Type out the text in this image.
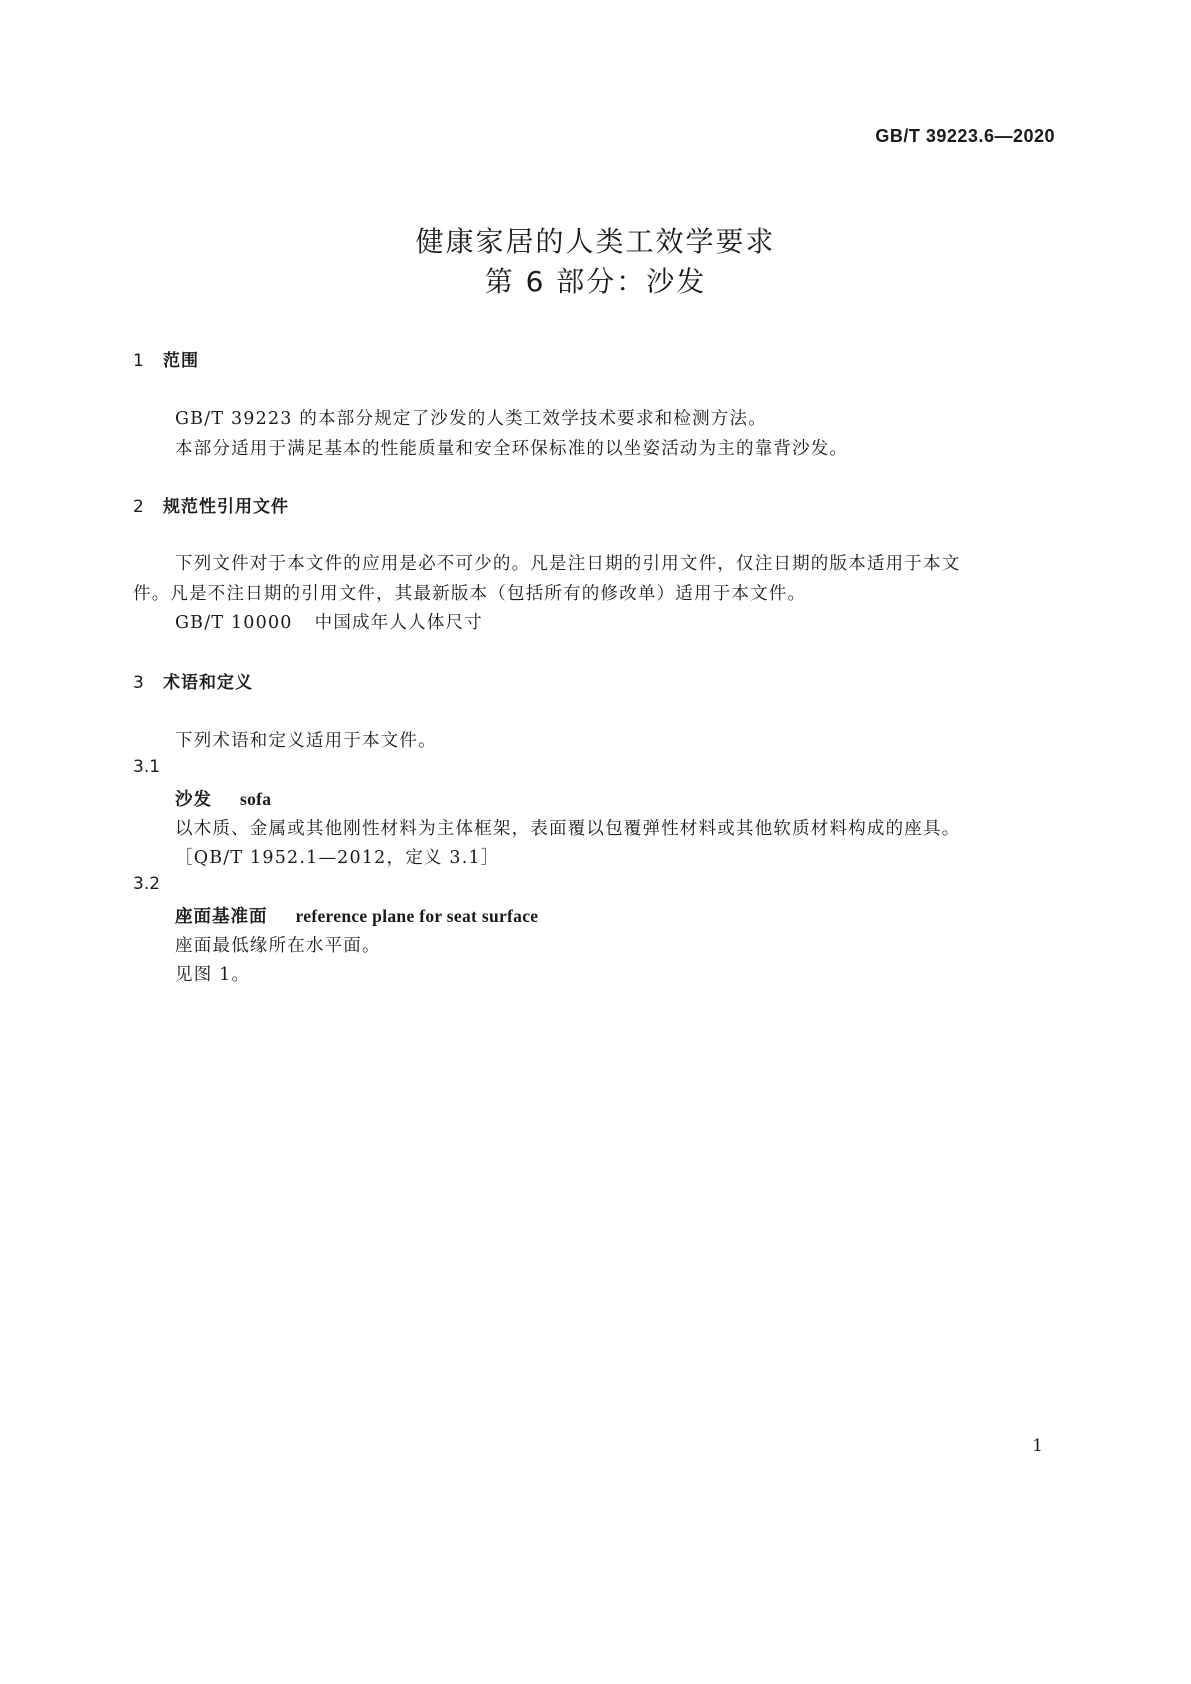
GB/T 39223.6—2020
健康家居的人类工效学要求
第 6 部分：沙发
1 范围
GB/T 39223 的本部分规定了沙发的人类工效学技术要求和检测方法。
本部分适用于满足基本的性能质量和安全环保标准的以坐姿活动为主的靠背沙发。
2 规范性引用文件
下列文件对于本文件的应用是必不可少的。凡是注日期的引用文件，仅注日期的版本适用于本文
件。凡是不注日期的引用文件，其最新版本（包括所有的修改单）适用于本文件。
GB/T 10000 中国成年人人体尺寸
3 术语和定义
下列术语和定义适用于本文件。
3.1
沙发 sofa
以木质、金属或其他刚性材料为主体框架，表面覆以包覆弹性材料或其他软质材料构成的座具。
［QB/T 1952.1—2012，定义 3.1］
3.2
座面基准面 reference plane for seat surface
座面最低缘所在水平面。
见图 1。
1
